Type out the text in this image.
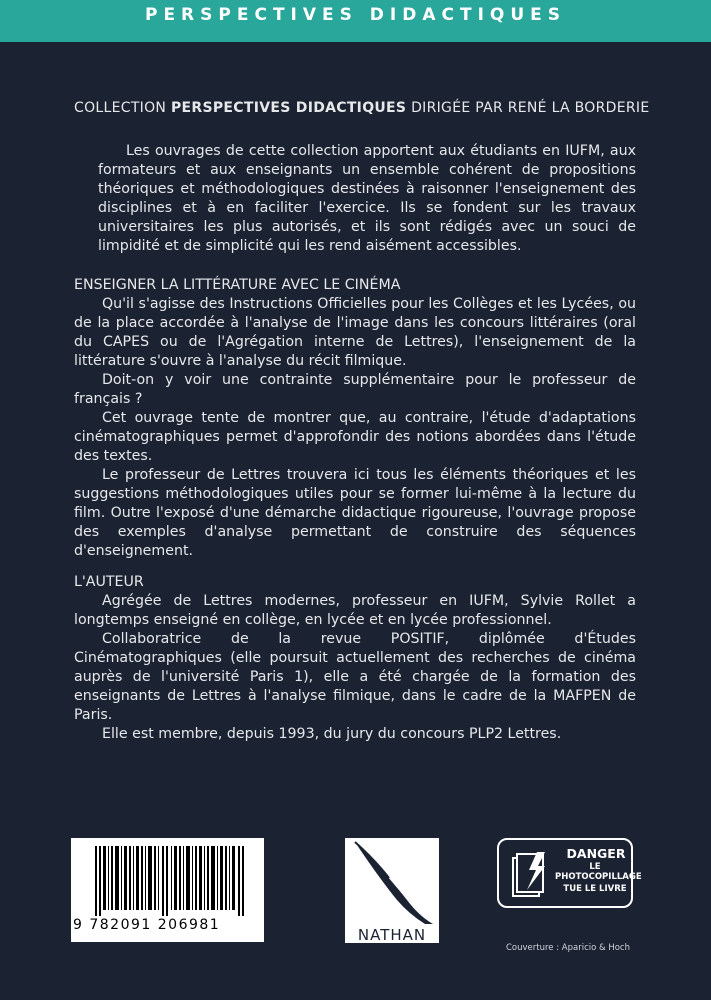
PERSPECTIVES DIDACTIQUES
COLLECTION PERSPECTIVES DIDACTIQUES DIRIGÉE PAR RENÉ LA BORDERIE

Les ouvrages de cette collection apportent aux étudiants en IUFM, aux formateurs et aux enseignants un ensemble cohérent de propositions théoriques et méthodologiques destinées à raisonner l'enseignement des disciplines et à en faciliter l'exercice. Ils se fondent sur les travaux universitaires les plus autorisés, et ils sont rédigés avec un souci de limpidité et de simplicité qui les rend aisément accessibles.

ENSEIGNER LA LITTÉRATURE AVEC LE CINÉMA

Qu'il s'agisse des Instructions Officielles pour les Collèges et les Lycées, ou de la place accordée à l'analyse de l'image dans les concours littéraires (oral du CAPES ou de l'Agrégation interne de Lettres), l'enseignement de la littérature s'ouvre à l'analyse du récit filmique.

Doit-on y voir une contrainte supplémentaire pour le professeur de français ?

Cet ouvrage tente de montrer que, au contraire, l'étude d'adaptations cinématographiques permet d'approfondir des notions abordées dans l'étude des textes.

Le professeur de Lettres trouvera ici tous les éléments théoriques et les suggestions méthodologiques utiles pour se former lui-même à la lecture du film. Outre l'exposé d'une démarche didactique rigoureuse, l'ouvrage propose des exemples d'analyse permettant de construire des séquences d'enseignement.

L'AUTEUR

Agrégée de Lettres modernes, professeur en IUFM, Sylvie Rollet a longtemps enseigné en collège, en lycée et en lycée professionnel.

Collaboratrice de la revue POSITIF, diplômée d'Études Cinématographiques (elle poursuit actuellement des recherches de cinéma auprès de l'université Paris 1), elle a été chargée de la formation des enseignants de Lettres à l'analyse filmique, dans le cadre de la MAFPEN de Paris.

Elle est membre, depuis 1993, du jury du concours PLP2 Lettres.

9 782091 206981
NATHAN
DANGER
LE
PHOTOCOPILLAGE
TUE LE LIVRE
Couverture : Aparicio & Hoch
